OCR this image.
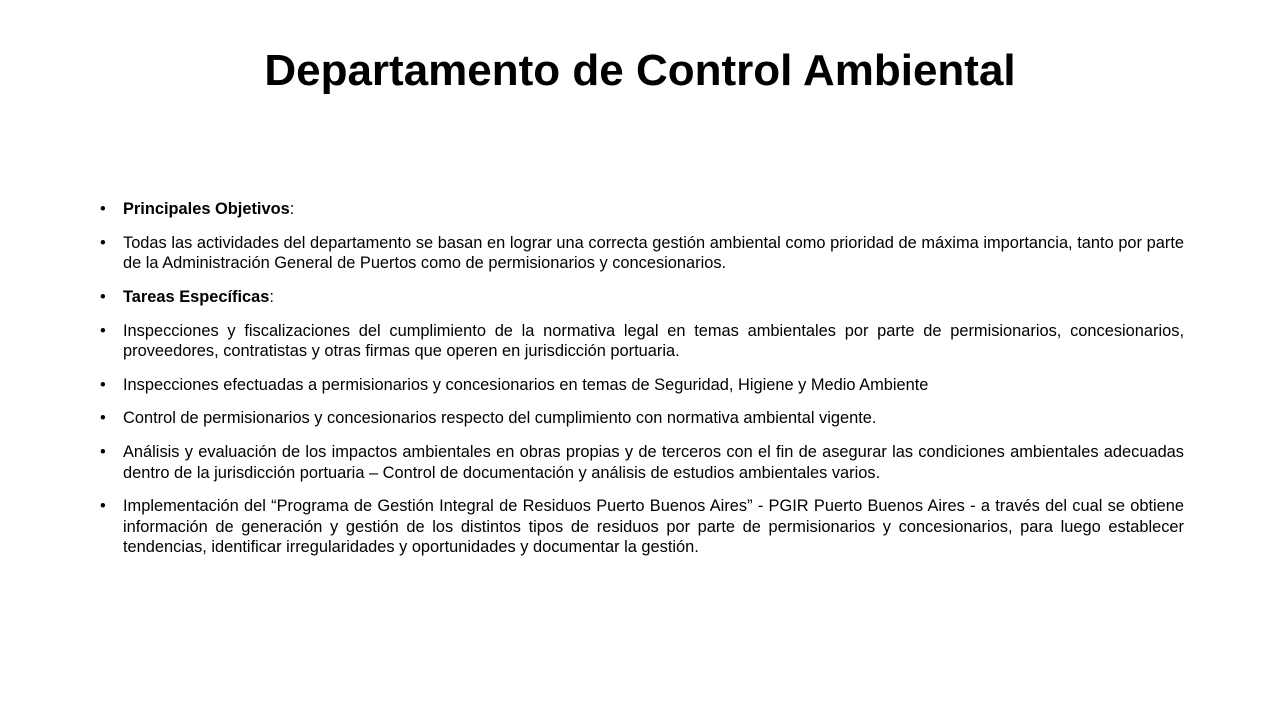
Departamento de Control Ambiental
• Principales Objetivos:
• Todas las actividades del departamento se basan en lograr una correcta gestión ambiental como prioridad de máxima importancia, tanto por parte de la Administración General de Puertos como de permisionarios y concesionarios.
• Tareas Específicas:
• Inspecciones y fiscalizaciones del cumplimiento de la normativa legal en temas ambientales por parte de permisionarios, concesionarios, proveedores, contratistas y otras firmas que operen en jurisdicción portuaria.
• Inspecciones efectuadas a permisionarios y concesionarios en temas de Seguridad, Higiene y Medio Ambiente
• Control de permisionarios y concesionarios respecto del cumplimiento con normativa ambiental vigente.
• Análisis y evaluación de los impactos ambientales en obras propias y de terceros con el fin de asegurar las condiciones ambientales adecuadas dentro de la jurisdicción portuaria – Control de documentación y análisis de estudios ambientales varios.
• Implementación del “Programa de Gestión Integral de Residuos Puerto Buenos Aires” - PGIR Puerto Buenos Aires - a través del cual se obtiene información de generación y gestión de los distintos tipos de residuos por parte de permisionarios y concesionarios, para luego establecer tendencias, identificar irregularidades y oportunidades y documentar la gestión.
